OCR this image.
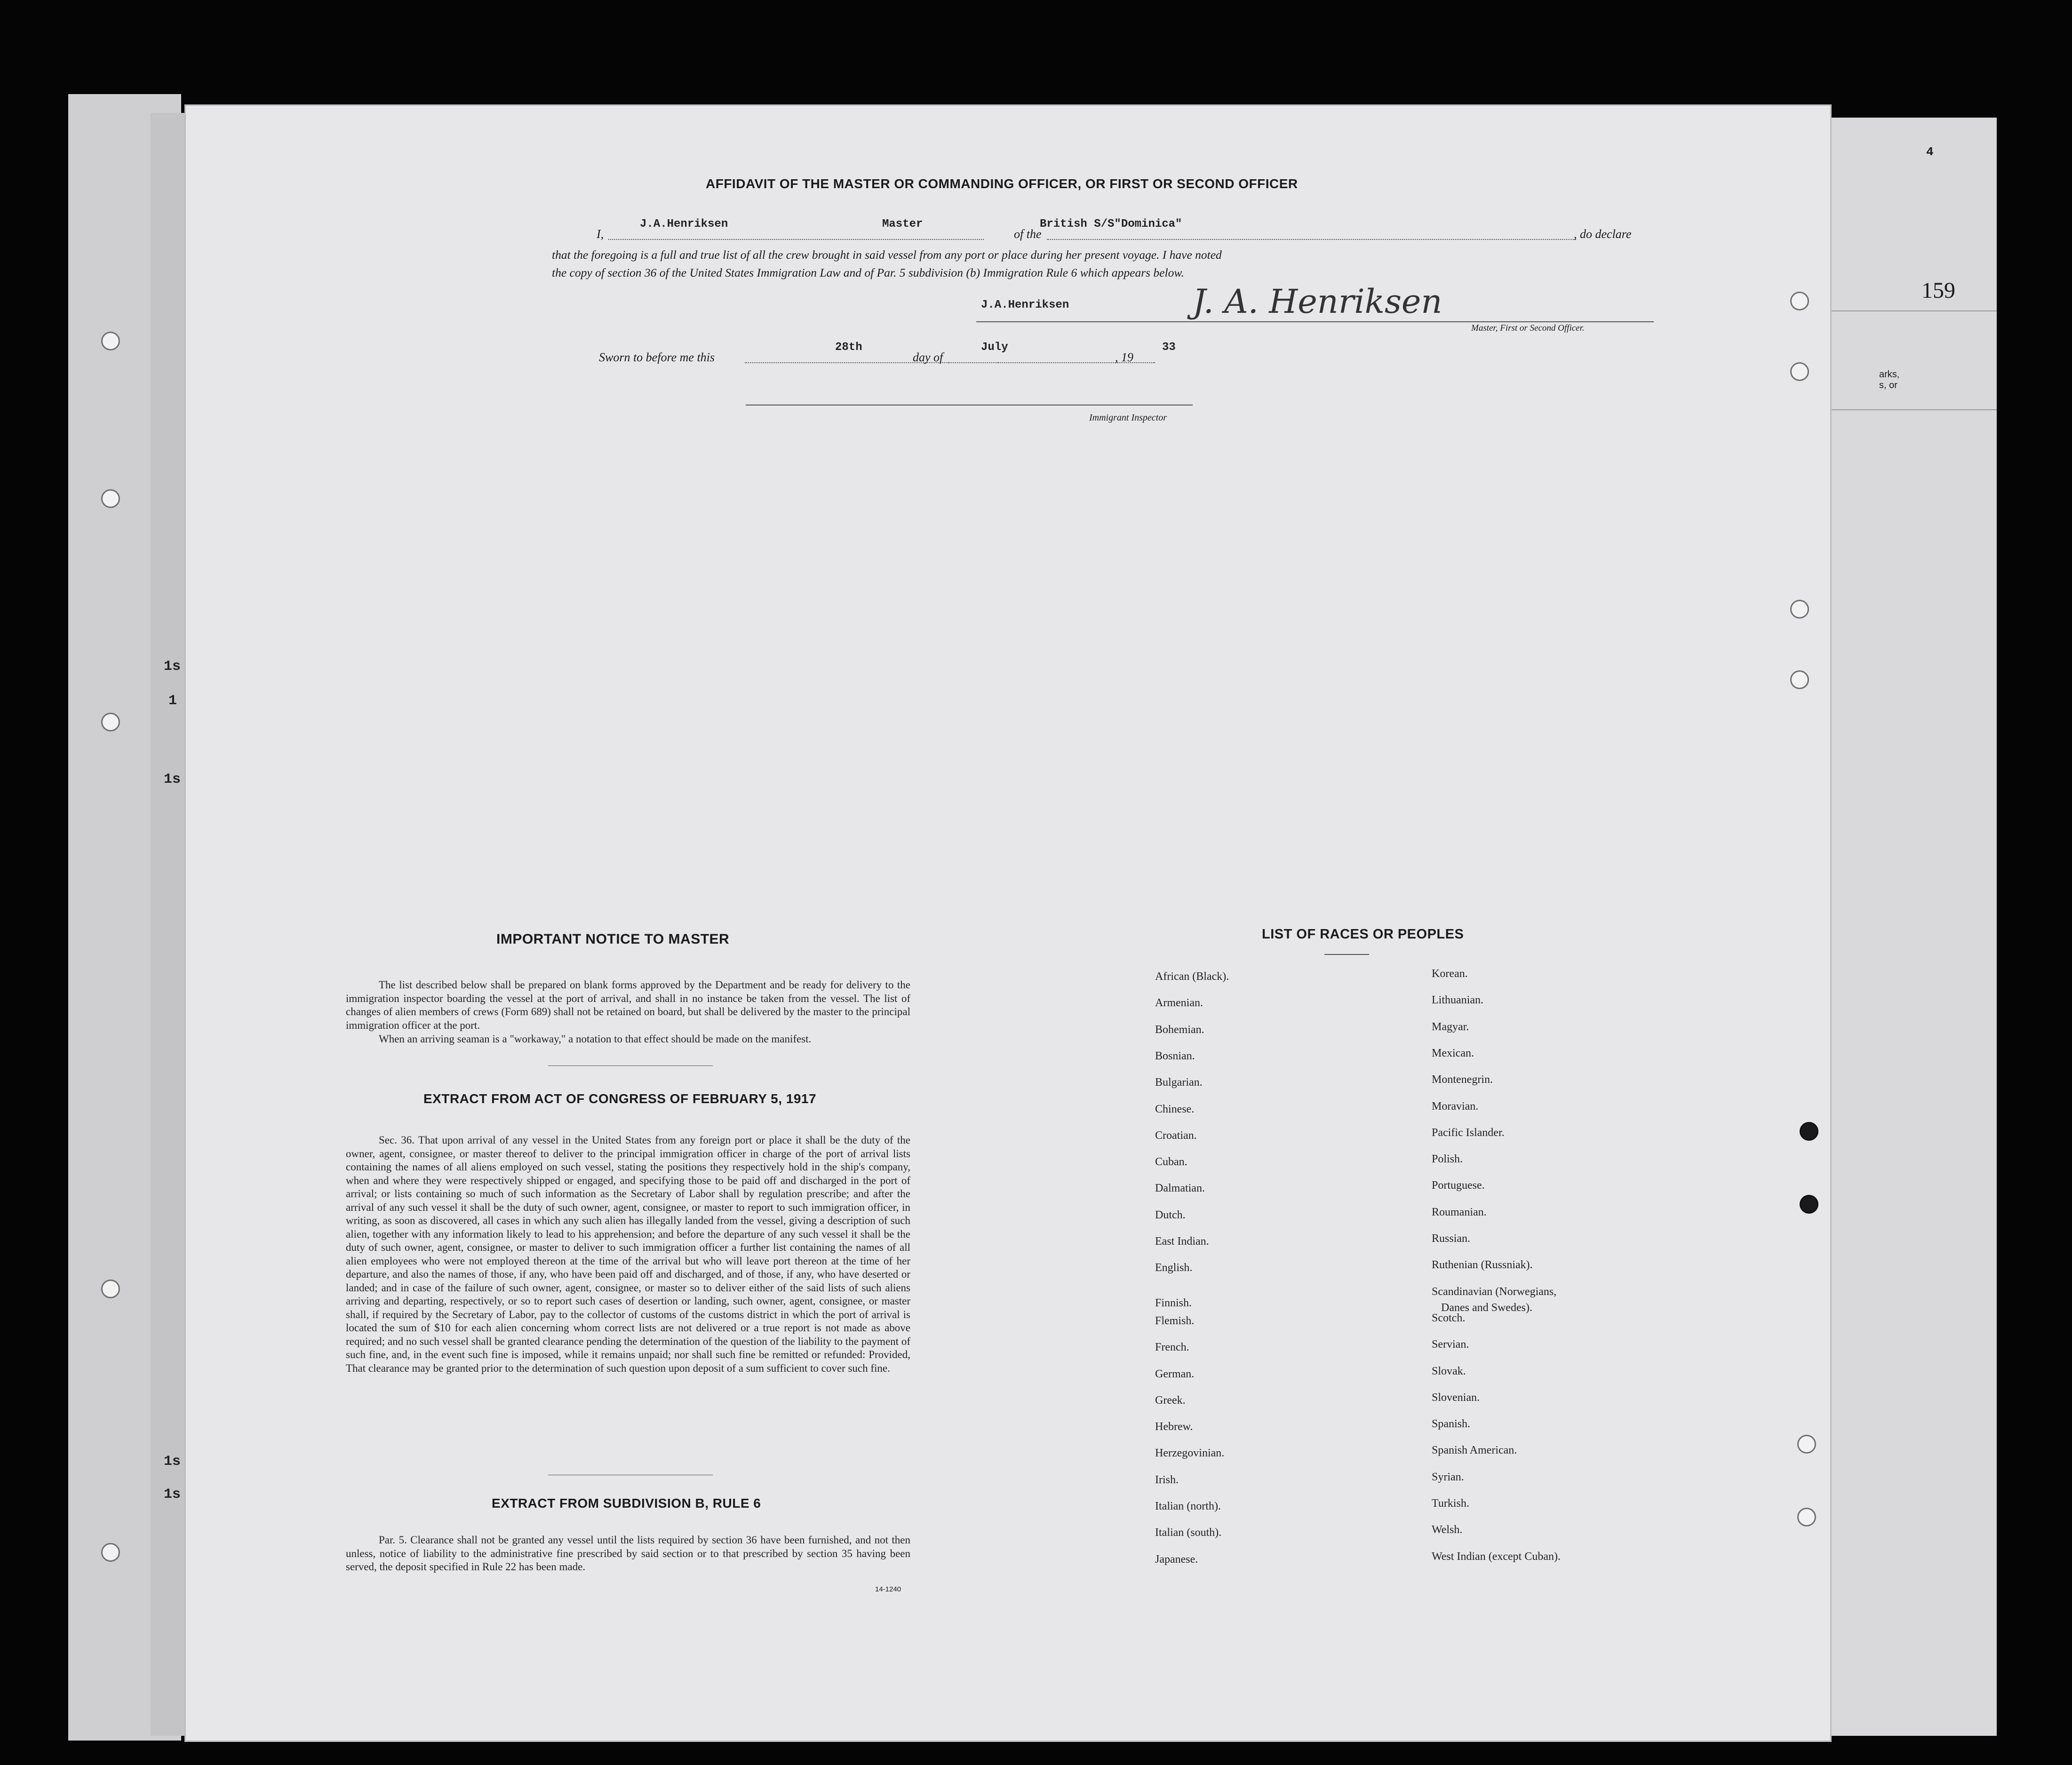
4
159
arks,
s, or
1s
1
1s
1s
1s
AFFIDAVIT OF THE MASTER OR COMMANDING OFFICER, OR FIRST OR SECOND OFFICER
I,
J.A.Henriksen	Master
of the
British S/S"Dominica"
, do declare
that the foregoing is a full and true list of all the crew brought in said vessel from any port or place during her present voyage. I have noted
the copy of section 36 of the United States Immigration Law and of Par. 5 subdivision (b) Immigration Rule 6 which appears below.
J.A.Henriksen	J. A. Henriksen
Master, First or Second Officer.
Sworn to before me this
28th
day of
July
, 19
33
Immigrant Inspector
IMPORTANT NOTICE TO MASTER
The list described below shall be prepared on blank forms approved by the Department and be ready for delivery to the immigration inspector boarding the vessel at the port of arrival, and shall in no instance be taken from the vessel. The list of changes of alien members of crews (Form 689) shall not be retained on board, but shall be delivered by the master to the principal immigration officer at the port.
When an arriving seaman is a "workaway," a notation to that effect should be made on the manifest.
EXTRACT FROM ACT OF CONGRESS OF FEBRUARY 5, 1917
Sec. 36. That upon arrival of any vessel in the United States from any foreign port or place it shall be the duty of the owner, agent, consignee, or master thereof to deliver to the principal immigration officer in charge of the port of arrival lists containing the names of all aliens employed on such vessel, stating the positions they respectively hold in the ship's company, when and where they were respectively shipped or engaged, and specifying those to be paid off and discharged in the port of arrival; or lists containing so much of such information as the Secretary of Labor shall by regulation prescribe; and after the arrival of any such vessel it shall be the duty of such owner, agent, consignee, or master to report to such immigration officer, in writing, as soon as discovered, all cases in which any such alien has illegally landed from the vessel, giving a description of such alien, together with any information likely to lead to his apprehension; and before the departure of any such vessel it shall be the duty of such owner, agent, consignee, or master to deliver to such immigration officer a further list containing the names of all alien employees who were not employed thereon at the time of the arrival but who will leave port thereon at the time of her departure, and also the names of those, if any, who have been paid off and discharged, and of those, if any, who have deserted or landed; and in case of the failure of such owner, agent, consignee, or master so to deliver either of the said lists of such aliens arriving and departing, respectively, or so to report such cases of desertion or landing, such owner, agent, consignee, or master shall, if required by the Secretary of Labor, pay to the collector of customs of the customs district in which the port of arrival is located the sum of $10 for each alien concerning whom correct lists are not delivered or a true report is not made as above required; and no such vessel shall be granted clearance pending the determination of the question of the liability to the payment of such fine, and, in the event such fine is imposed, while it remains unpaid; nor shall such fine be remitted or refunded: Provided, That clearance may be granted prior to the determination of such question upon deposit of a sum sufficient to cover such fine.
EXTRACT FROM SUBDIVISION B, RULE 6
Par. 5. Clearance shall not be granted any vessel until the lists required by section 36 have been furnished, and not then unless, notice of liability to the administrative fine prescribed by said section or to that prescribed by section 35 having been served, the deposit specified in Rule 22 has been made.
14-1240
LIST OF RACES OR PEOPLES
African (Black).
Armenian.
Bohemian.
Bosnian.
Bulgarian.
Chinese.
Croatian.
Cuban.
Dalmatian.
Dutch.
East Indian.
English.
Finnish.
Flemish.
French.
German.
Greek.
Hebrew.
Herzegovinian.
Irish.
Italian (north).
Italian (south).
Japanese.
Korean.
Lithuanian.
Magyar.
Mexican.
Montenegrin.
Moravian.
Pacific Islander.
Polish.
Portuguese.
Roumanian.
Russian.
Ruthenian (Russniak).
Scandinavian (Norwegians,
Danes and Swedes).
Scotch.
Servian.
Slovak.
Slovenian.
Spanish.
Spanish American.
Syrian.
Turkish.
Welsh.
West Indian (except Cuban).
